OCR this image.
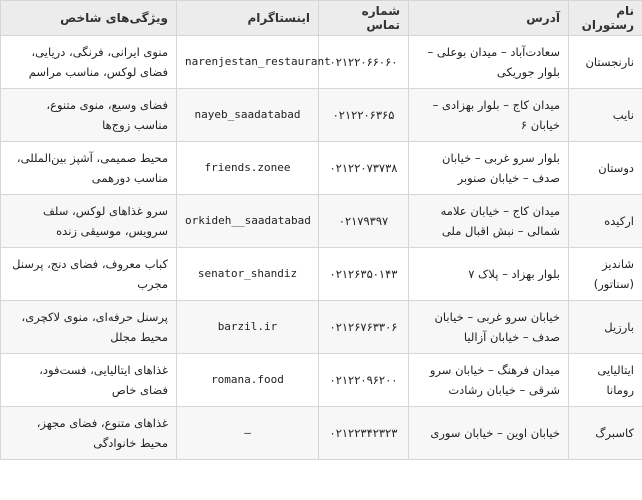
نام رستوران	آدرس	شماره تماس	اینستاگرام	ویژگی‌های شاخص
نارنجستان	سعادت‌آباد – میدان بوعلی – بلوار جوریکی	۰۲۱۲۲۰۶۶۰۶۰	narenjestan_restaurant	منوی ایرانی، فرنگی، دریایی، فضای لوکس، مناسب مراسم
نایب	میدان کاج – بلوار بهزادی – خیابان ۶	۰۲۱۲۲۰۶۳۶۵	nayeb_saadatabad	فضای وسیع، منوی متنوع، مناسب زوج‌ها
دوستان	بلوار سرو غربی – خیابان صدف – خیابان صنوبر	۰۲۱۲۲۰۷۳۷۳۸	friends.zonee	محیط صمیمی، آشپز بین‌المللی، مناسب دورهمی
ارکیده	میدان کاج – خیابان علامه شمالی – نبش اقبال ملی	۰۲۱۷۹۳۹۷	orkideh__saadatabad	سرو غذاهای لوکس، سلف سرویس، موسیقی زنده
شاندیز (سناتور)	بلوار بهزاد – پلاک ۷	۰۲۱۲۶۳۵۰۱۴۳	senator_shandiz	کباب معروف، فضای دنج، پرسنل مجرب
بارزیل	خیابان سرو غربی – خیابان صدف – خیابان آزالیا	۰۲۱۲۶۷۶۳۳۰۶	barzil.ir	پرسنل حرفه‌ای، منوی لاکچری، محیط مجلل
ایتالیایی رومانا	میدان فرهنگ – خیابان سرو شرقی – خیابان رشادت	۰۲۱۲۲۰۹۶۲۰۰	romana.food	غذاهای ایتالیایی، فست‌فود، فضای خاص
کاسبرگ	خیابان اوین – خیابان سوری	۰۲۱۲۲۳۴۲۳۲۳	–	غذاهای متنوع، فضای مجهز، محیط خانوادگی
